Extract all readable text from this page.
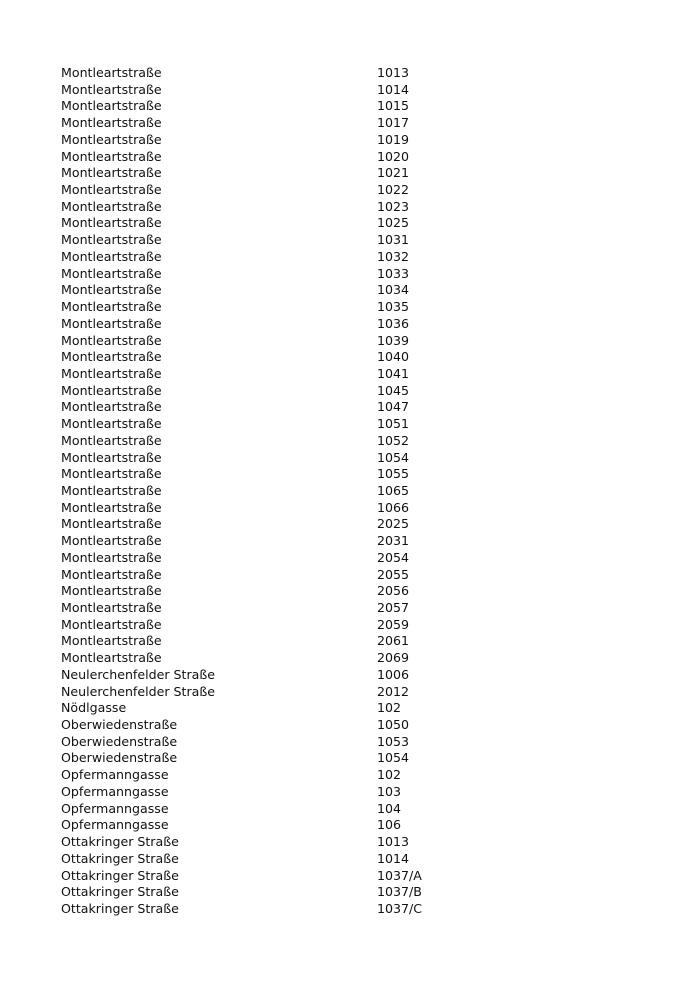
Montleartstraße	1013
Montleartstraße	1014
Montleartstraße	1015
Montleartstraße	1017
Montleartstraße	1019
Montleartstraße	1020
Montleartstraße	1021
Montleartstraße	1022
Montleartstraße	1023
Montleartstraße	1025
Montleartstraße	1031
Montleartstraße	1032
Montleartstraße	1033
Montleartstraße	1034
Montleartstraße	1035
Montleartstraße	1036
Montleartstraße	1039
Montleartstraße	1040
Montleartstraße	1041
Montleartstraße	1045
Montleartstraße	1047
Montleartstraße	1051
Montleartstraße	1052
Montleartstraße	1054
Montleartstraße	1055
Montleartstraße	1065
Montleartstraße	1066
Montleartstraße	2025
Montleartstraße	2031
Montleartstraße	2054
Montleartstraße	2055
Montleartstraße	2056
Montleartstraße	2057
Montleartstraße	2059
Montleartstraße	2061
Montleartstraße	2069
Neulerchenfelder Straße	1006
Neulerchenfelder Straße	2012
Nödlgasse	102
Oberwiedenstraße	1050
Oberwiedenstraße	1053
Oberwiedenstraße	1054
Opfermanngasse	102
Opfermanngasse	103
Opfermanngasse	104
Opfermanngasse	106
Ottakringer Straße	1013
Ottakringer Straße	1014
Ottakringer Straße	1037/A
Ottakringer Straße	1037/B
Ottakringer Straße	1037/C
